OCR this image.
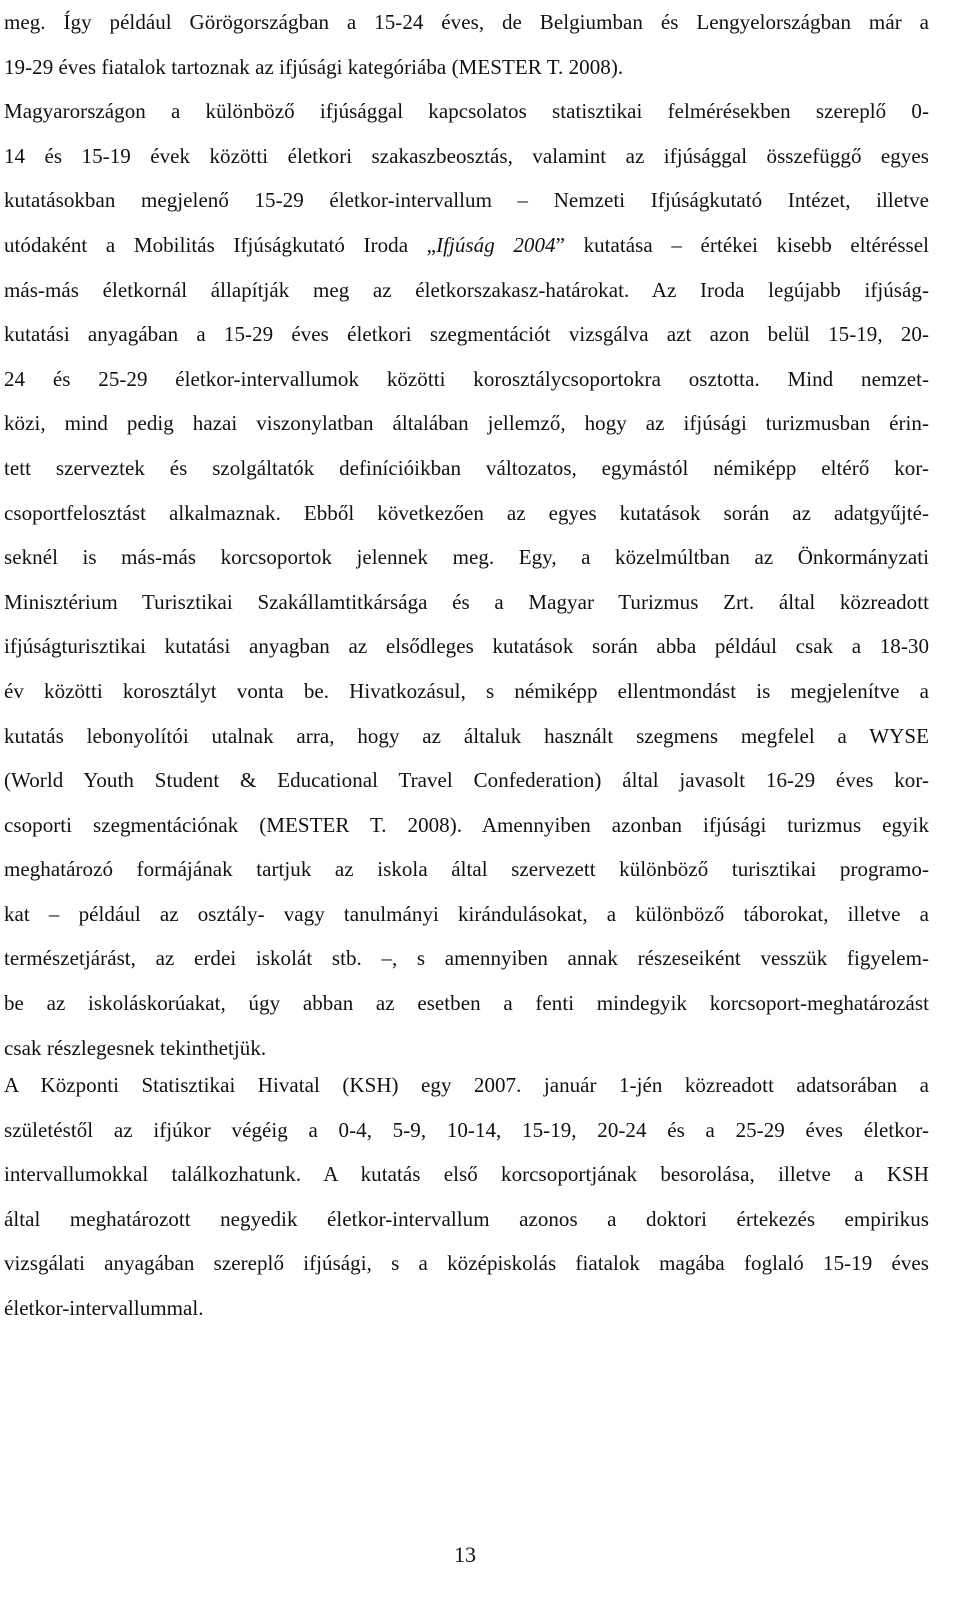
meg. Így például Görögországban a 15-24 éves, de Belgiumban és Lengyelországban már a
19-29 éves fiatalok tartoznak az ifjúsági kategóriába (MESTER T. 2008).
Magyarországon a különböző ifjúsággal kapcsolatos statisztikai felmérésekben szereplő 0-
14 és 15-19 évek közötti életkori szakaszbeosztás, valamint az ifjúsággal összefüggő egyes
kutatásokban megjelenő 15-29 életkor-intervallum – Nemzeti Ifjúságkutató Intézet, illetve
utódaként a Mobilitás Ifjúságkutató Iroda „Ifjúság 2004” kutatása – értékei kisebb eltéréssel
más-más életkornál állapítják meg az életkorszakasz-határokat. Az Iroda legújabb ifjúság-
kutatási anyagában a 15-29 éves életkori szegmentációt vizsgálva azt azon belül 15-19, 20-
24 és 25-29 életkor-intervallumok közötti korosztálycsoportokra osztotta. Mind nemzet-
közi, mind pedig hazai viszonylatban általában jellemző, hogy az ifjúsági turizmusban érin-
tett szerveztek és szolgáltatók definícióikban változatos, egymástól némiképp eltérő kor-
csoportfelosztást alkalmaznak. Ebből következően az egyes kutatások során az adatgyűjté-
seknél is más-más korcsoportok jelennek meg. Egy, a közelmúltban az Önkormányzati
Minisztérium Turisztikai Szakállamtitkársága és a Magyar Turizmus Zrt. által közreadott
ifjúságturisztikai kutatási anyagban az elsődleges kutatások során abba például csak a 18-30
év közötti korosztályt vonta be. Hivatkozásul, s némiképp ellentmondást is megjelenítve a
kutatás lebonyolítói utalnak arra, hogy az általuk használt szegmens megfelel a WYSE
(World Youth Student & Educational Travel Confederation) által javasolt 16-29 éves kor-
csoporti szegmentációnak (MESTER T. 2008). Amennyiben azonban ifjúsági turizmus egyik
meghatározó formájának tartjuk az iskola által szervezett különböző turisztikai programo-
kat – például az osztály- vagy tanulmányi kirándulásokat, a különböző táborokat, illetve a
természetjárást, az erdei iskolát stb. –, s amennyiben annak részeseiként vesszük figyelem-
be az iskoláskorúakat, úgy abban az esetben a fenti mindegyik korcsoport-meghatározást
csak részlegesnek tekinthetjük.
A Központi Statisztikai Hivatal (KSH) egy 2007. január 1-jén közreadott adatsorában a
születéstől az ifjúkor végéig a 0-4, 5-9, 10-14, 15-19, 20-24 és a 25-29 éves életkor-
intervallumokkal találkozhatunk. A kutatás első korcsoportjának besorolása, illetve a KSH
által meghatározott negyedik életkor-intervallum azonos a doktori értekezés empirikus
vizsgálati anyagában szereplő ifjúsági, s a középiskolás fiatalok magába foglaló 15-19 éves
életkor-intervallummal.
13
